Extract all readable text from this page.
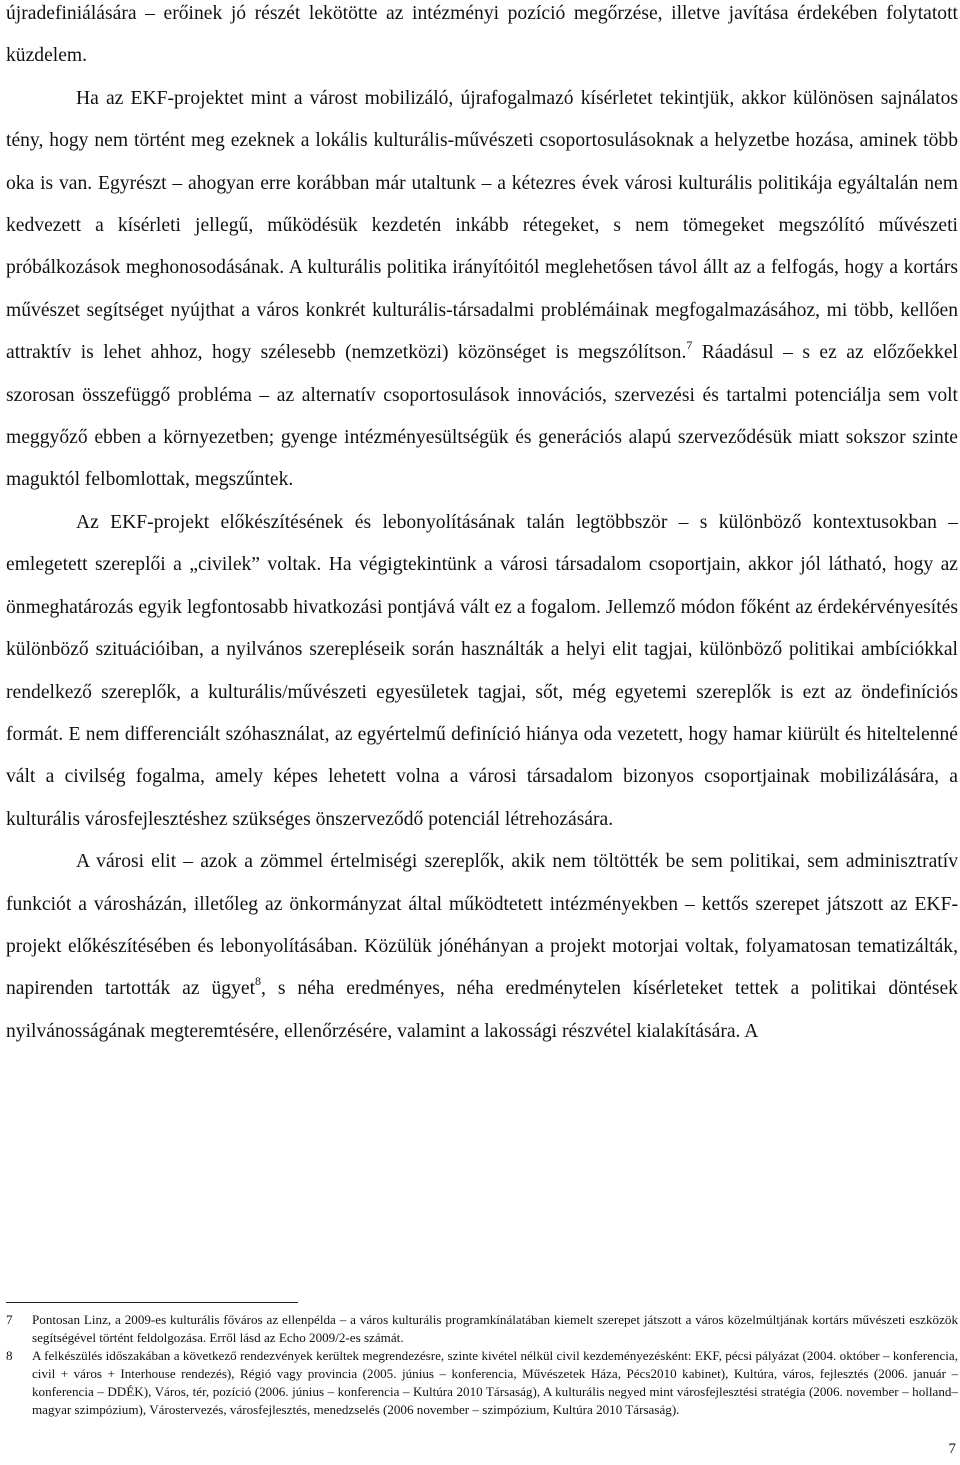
újradefiniálására – erőinek jó részét lekötötte az intézményi pozíció megőrzése, illetve javítása érdekében folytatott küzdelem.

Ha az EKF-projektet mint a várost mobilizáló, újrafogalmazó kísérletet tekintjük, akkor különösen sajnálatos tény, hogy nem történt meg ezeknek a lokális kulturális-művészeti csoportosulásoknak a helyzetbe hozása, aminek több oka is van. Egyrészt – ahogyan erre korábban már utaltunk – a kétezres évek városi kulturális politikája egyáltalán nem kedvezett a kísérleti jellegű, működésük kezdetén inkább rétegeket, s nem tömegeket megszólító művészeti próbálkozások meghonosodásának. A kulturális politika irányítóitól meglehetősen távol állt az a felfogás, hogy a kortárs művészet segítséget nyújthat a város konkrét kulturális-társadalmi problémáinak megfogalmazásához, mi több, kellően attraktív is lehet ahhoz, hogy szélesebb (nemzetközi) közönséget is megszólítson.$^7$ Ráadásul – s ez az előzőekkel szorosan összefüggő probléma – az alternatív csoportosulások innovációs, szervezési és tartalmi potenciálja sem volt meggyőző ebben a környezetben; gyenge intézményesültségük és generációs alapú szerveződésük miatt sokszor szinte maguktól felbomlottak, megszűntek.

Az EKF-projekt előkészítésének és lebonyolításának talán legtöbbször – s különböző kontextusokban – emlegetett szereplői a „civilek” voltak. Ha végigtekintünk a városi társadalom csoportjain, akkor jól látható, hogy az önmeghatározás egyik legfontosabb hivatkozási pontjává vált ez a fogalom. Jellemző módon főként az érdekérvényesítés különböző szituációiban, a nyilvános szerepléseik során használták a helyi elit tagjai, különböző politikai ambíciókkal rendelkező szereplők, a kulturális/művészeti egyesületek tagjai, sőt, még egyetemi szereplők is ezt az öndefiníciós formát. E nem differenciált szóhasználat, az egyértelmű definíció hiánya oda vezetett, hogy hamar kiürült és hiteltelenné vált a civilség fogalma, amely képes lehetett volna a városi társadalom bizonyos csoportjainak mobilizálására, a kulturális városfejlesztéshez szükséges önszerveződő potenciál létrehozására.

A városi elit – azok a zömmel értelmiségi szereplők, akik nem töltötték be sem politikai, sem adminisztratív funkciót a városházán, illetőleg az önkormányzat által működtetett intézményekben – kettős szerepet játszott az EKF-projekt előkészítésében és lebonyolításában. Közülük jónéhányan a projekt motorjai voltak, folyamatosan tematizálták, napirenden tartották az ügyet$^8$, s néha eredményes, néha eredménytelen kísérleteket tettek a politikai döntések nyilvánosságának megteremtésére, ellenőrzésére, valamint a lakossági részvétel kialakítására. A

7 Pontosan Linz, a 2009-es kulturális főváros az ellenpélda – a város kulturális programkínálatában kiemelt szerepet játszott a város közelmúltjának kortárs művészeti eszközök segítségével történt feldolgozása. Erről lásd az Echo 2009/2-es számát.
8 A felkészülés időszakában a következő rendezvények kerültek megrendezésre, szinte kivétel nélkül civil kezdeményezésként: EKF, pécsi pályázat (2004. október – konferencia, civil + város + Interhouse rendezés), Régió vagy provincia (2005. június – konferencia, Művészetek Háza, Pécs2010 kabinet), Kultúra, város, fejlesztés (2006. január – konferencia – DDÉK), Város, tér, pozíció (2006. június – konferencia – Kultúra 2010 Társaság), A kulturális negyed mint városfejlesztési stratégia (2006. november – holland–magyar szimpózium), Várostervezés, városfejlesztés, menedzselés (2006 november – szimpózium, Kultúra 2010 Társaság).
7
